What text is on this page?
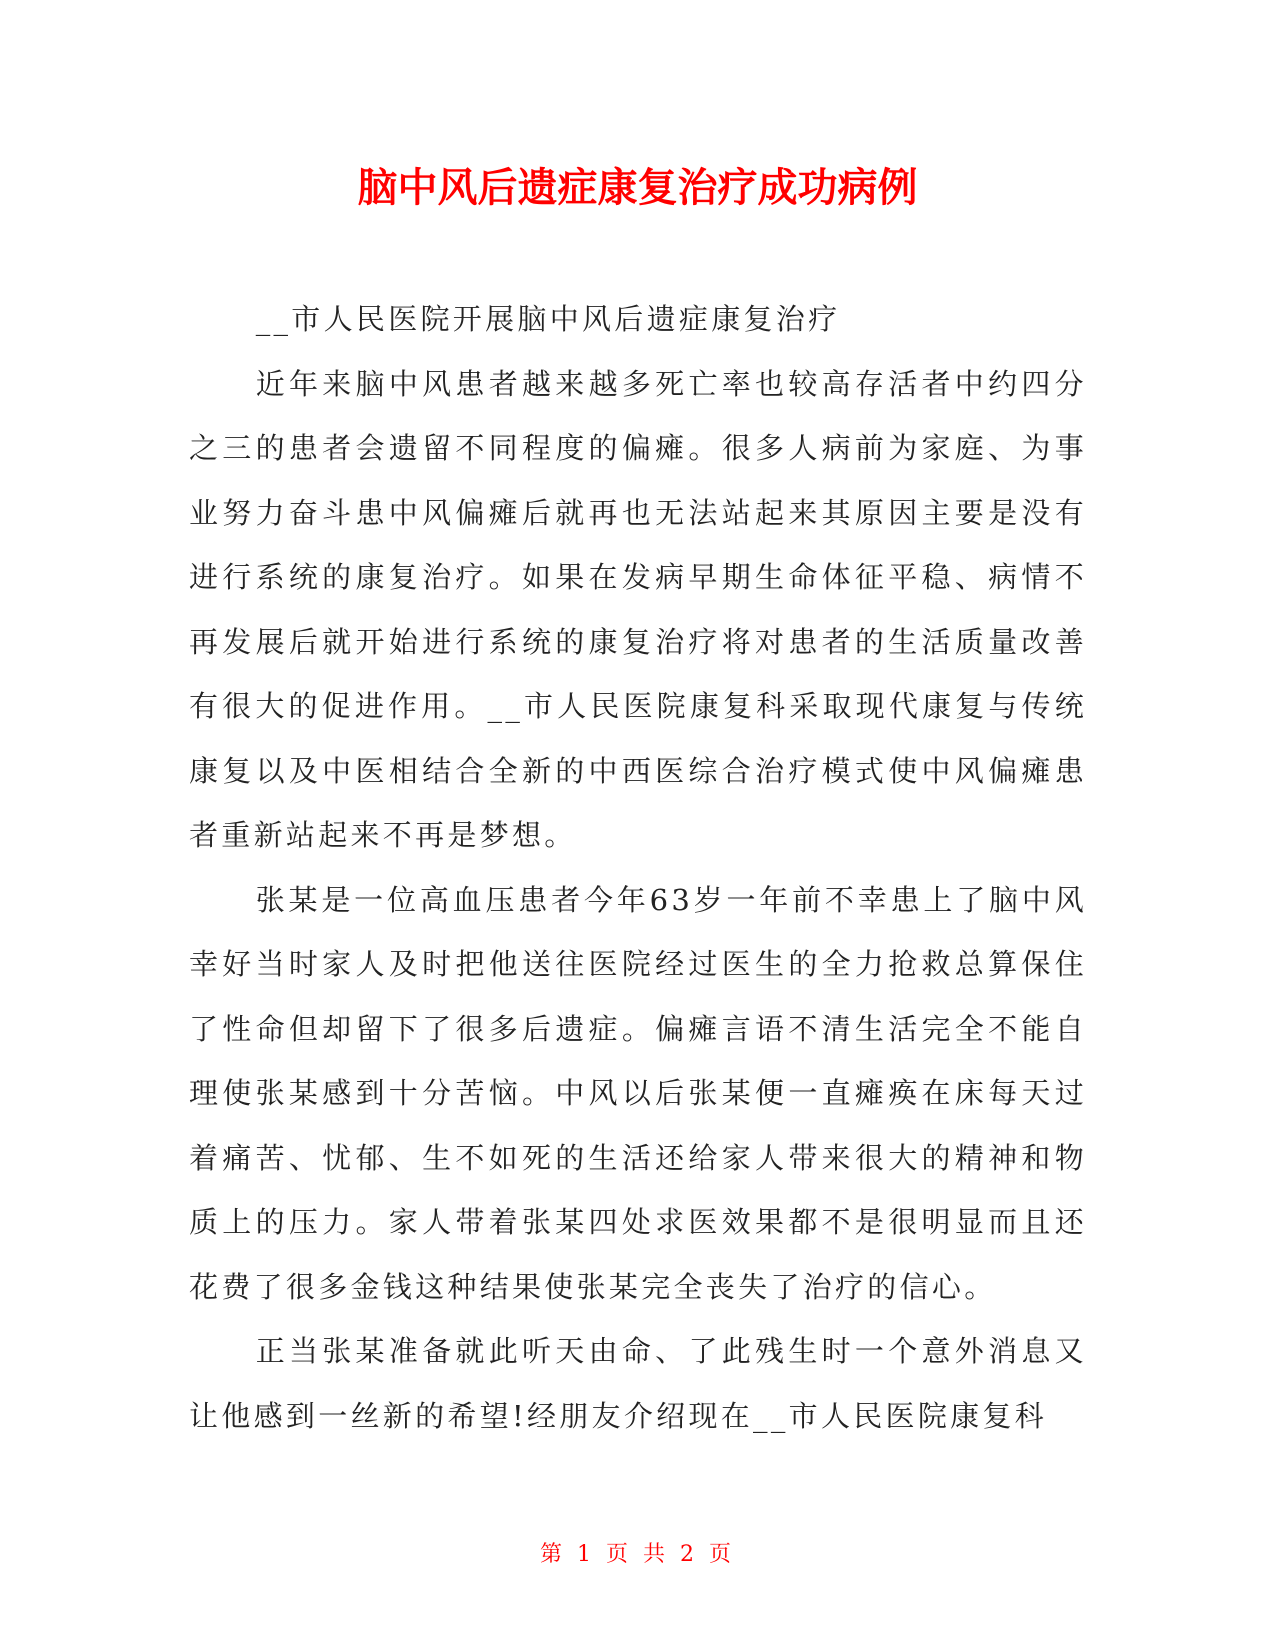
脑中风后遗症康复治疗成功病例

__市人民医院开展脑中风后遗症康复治疗

近年来脑中风患者越来越多死亡率也较高存活者中约四分之三的患者会遗留不同程度的偏瘫。很多人病前为家庭、为事业努力奋斗患中风偏瘫后就再也无法站起来其原因主要是没有进行系统的康复治疗。如果在发病早期生命体征平稳、病情不再发展后就开始进行系统的康复治疗将对患者的生活质量改善有很大的促进作用。__市人民医院康复科采取现代康复与传统康复以及中医相结合全新的中西医综合治疗模式使中风偏瘫患者重新站起来不再是梦想。

张某是一位高血压患者今年63岁一年前不幸患上了脑中风幸好当时家人及时把他送往医院经过医生的全力抢救总算保住了性命但却留下了很多后遗症。偏瘫言语不清生活完全不能自理使张某感到十分苦恼。中风以后张某便一直瘫痪在床每天过着痛苦、忧郁、生不如死的生活还给家人带来很大的精神和物质上的压力。家人带着张某四处求医效果都不是很明显而且还花费了很多金钱这种结果使张某完全丧失了治疗的信心。

正当张某准备就此听天由命、了此残生时一个意外消息又让他感到一丝新的希望!经朋友介绍现在__市人民医院康复科

第 1 页 共 2 页
